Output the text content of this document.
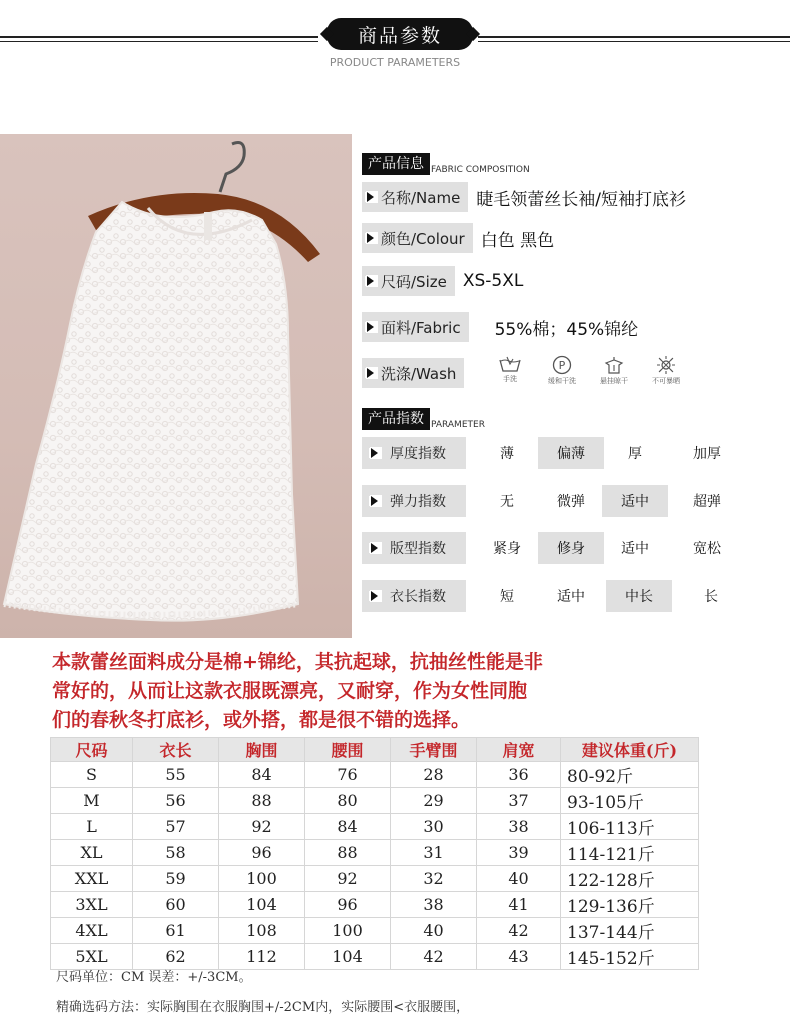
商品参数
PRODUCT PARAMETERS
产品信息 FABRIC COMPOSITION
名称/Name 睫毛领蕾丝长袖/短袖打底衫
颜色/Colour 白色 黑色
尺码/Size XS-5XL
面料/Fabric 55%棉；45%锦纶
洗涤/Wash	手洗
P
缓和干洗	悬挂晾干	不可暴晒
产品指数 PARAMETER
厚度指数	薄	偏薄	厚	加厚
弹力指数	无	微弹	适中	超弹
版型指数	紧身	修身	适中	宽松
衣长指数	短	适中	中长	长
本款蕾丝面料成分是棉+锦纶，其抗起球，抗抽丝性能是非
常好的，从而让这款衣服既漂亮，又耐穿，作为女性同胞
们的春秋冬打底衫，或外搭，都是很不错的选择。
尺码	衣长	胸围	腰围	手臂围	肩宽	建议体重(斤)
S	55	84	76	28	36	80-92斤
M	56	88	80	29	37	93-105斤
L	57	92	84	30	38	106-113斤
XL	58	96	88	31	39	114-121斤
XXL	59	100	92	32	40	122-128斤
3XL	60	104	96	38	41	129-136斤
4XL	61	108	100	40	42	137-144斤
5XL	62	112	104	42	43	145-152斤
尺码单位：CM 误差：+/-3CM。
精确选码方法：实际胸围在衣服胸围+/-2CM内，实际腰围<衣服腰围，
